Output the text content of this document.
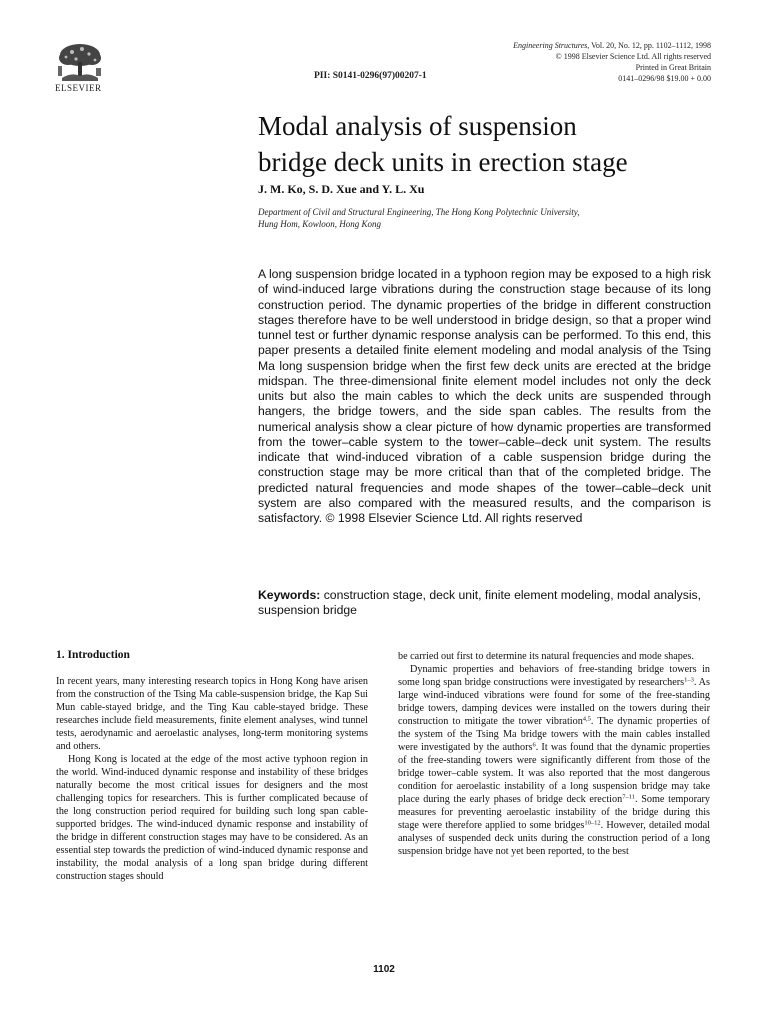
ELSEVIER
PII: S0141-0296(97)00207-1
Engineering Structures, Vol. 20, No. 12, pp. 1102–1112, 1998
© 1998 Elsevier Science Ltd. All rights reserved
Printed in Great Britain
0141–0296/98 $19.00 + 0.00
Modal analysis of suspension
bridge deck units in erection stage
J. M. Ko, S. D. Xue and Y. L. Xu
Department of Civil and Structural Engineering, The Hong Kong Polytechnic University,
Hung Hom, Kowloon, Hong Kong

A long suspension bridge located in a typhoon region may be exposed to a high risk of wind-induced large vibrations during the construction stage because of its long construction period. The dynamic properties of the bridge in different construction stages therefore have to be well understood in bridge design, so that a proper wind tunnel test or further dynamic response analysis can be performed. To this end, this paper presents a detailed finite element modeling and modal analysis of the Tsing Ma long suspension bridge when the first few deck units are erected at the bridge midspan. The three-dimensional finite element model includes not only the deck units but also the main cables to which the deck units are suspended through hangers, the bridge towers, and the side span cables. The results from the numerical analysis show a clear picture of how dynamic properties are transformed from the tower–cable system to the tower–cable–deck unit system. The results indicate that wind-induced vibration of a cable suspension bridge during the construction stage may be more critical than that of the completed bridge. The predicted natural frequencies and mode shapes of the tower–cable–deck unit system are also compared with the measured results, and the comparison is satisfactory. © 1998 Elsevier Science Ltd. All rights reserved

Keywords: construction stage, deck unit, finite element modeling, modal analysis, suspension bridge
1. Introduction

In recent years, many interesting research topics in Hong Kong have arisen from the construction of the Tsing Ma cable-suspension bridge, the Kap Sui Mun cable-stayed bridge, and the Ting Kau cable-stayed bridge. These researches include field measurements, finite element analyses, wind tunnel tests, aerodynamic and aeroelastic analyses, long-term monitoring systems and others.

Hong Kong is located at the edge of the most active typhoon region in the world. Wind-induced dynamic response and instability of these bridges naturally become the most critical issues for designers and the most challenging topics for researchers. This is further complicated because of the long construction period required for building such long span cable-supported bridges. The wind-induced dynamic response and instability of the bridge in different construction stages may have to be considered. As an essential step towards the prediction of wind-induced dynamic response and instability, the modal analysis of a long span bridge during different construction stages should

be carried out first to determine its natural frequencies and mode shapes.

Dynamic properties and behaviors of free-standing bridge towers in some long span bridge constructions were investigated by researchers$^{1-3}$. As large wind-induced vibrations were found for some of the free-standing bridge towers, damping devices were installed on the towers during their construction to mitigate the tower vibration$^{4,5}$. The dynamic properties of the system of the Tsing Ma bridge towers with the main cables installed were investigated by the authors$^6$. It was found that the dynamic properties of the free-standing towers were significantly different from those of the bridge tower–cable system. It was also reported that the most dangerous condition for aeroelastic instability of a long suspension bridge may take place during the early phases of bridge deck erection$^{7-11}$. Some temporary measures for preventing aeroelastic instability of the bridge during this stage were therefore applied to some bridges$^{10-12}$. However, detailed modal analyses of suspended deck units during the construction period of a long suspension bridge have not yet been reported, to the best

1102
